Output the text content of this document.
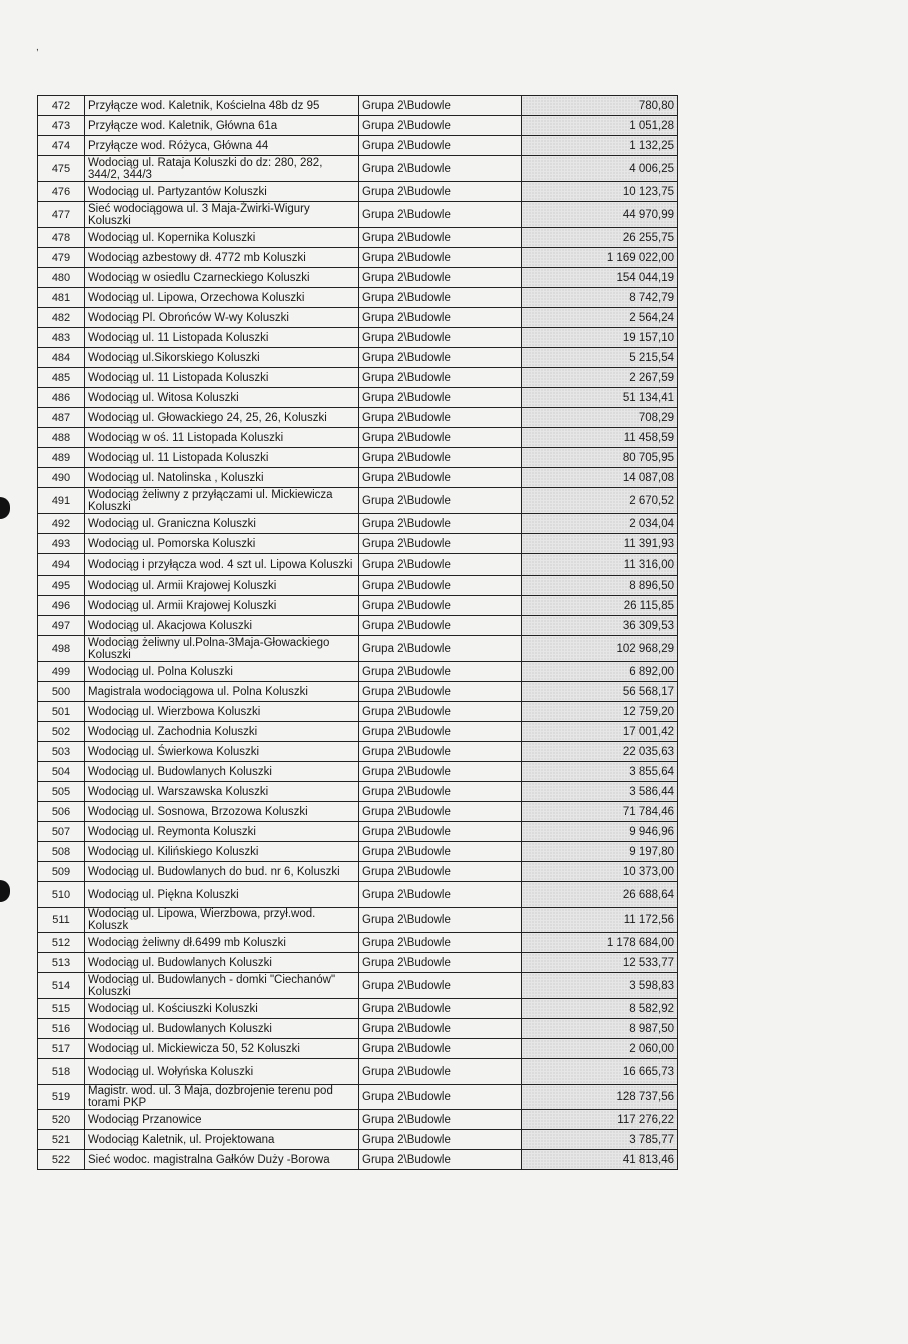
,
472	Przyłącze wod. Kaletnik, Kościelna 48b dz 95	Grupa 2\Budowle	780,80
473	Przyłącze wod. Kaletnik, Główna 61a	Grupa 2\Budowle	1 051,28
474	Przyłącze wod. Różyca, Główna 44	Grupa 2\Budowle	1 132,25
475	Wodociąg ul. Rataja Koluszki do dz: 280, 282, 344/2, 344/3	Grupa 2\Budowle	4 006,25
476	Wodociąg ul. Partyzantów Koluszki	Grupa 2\Budowle	10 123,75
477	Sieć wodociągowa ul. 3 Maja-Żwirki-Wigury Koluszki	Grupa 2\Budowle	44 970,99
478	Wodociąg ul. Kopernika Koluszki	Grupa 2\Budowle	26 255,75
479	Wodociąg azbestowy dł. 4772 mb Koluszki	Grupa 2\Budowle	1 169 022,00
480	Wodociąg w osiedlu Czarneckiego Koluszki	Grupa 2\Budowle	154 044,19
481	Wodociąg ul. Lipowa, Orzechowa Koluszki	Grupa 2\Budowle	8 742,79
482	Wodociąg Pl. Obrońców W-wy Koluszki	Grupa 2\Budowle	2 564,24
483	Wodociąg ul. 11 Listopada Koluszki	Grupa 2\Budowle	19 157,10
484	Wodociąg ul.Sikorskiego Koluszki	Grupa 2\Budowle	5 215,54
485	Wodociąg ul. 11 Listopada Koluszki	Grupa 2\Budowle	2 267,59
486	Wodociąg ul. Witosa Koluszki	Grupa 2\Budowle	51 134,41
487	Wodociąg ul. Głowackiego 24, 25, 26, Koluszki	Grupa 2\Budowle	708,29
488	Wodociąg w oś. 11 Listopada Koluszki	Grupa 2\Budowle	11 458,59
489	Wodociąg ul. 11 Listopada Koluszki	Grupa 2\Budowle	80 705,95
490	Wodociąg ul. Natolinska , Koluszki	Grupa 2\Budowle	14 087,08
491	Wodociąg żeliwny z przyłączami ul. Mickiewicza Koluszki	Grupa 2\Budowle	2 670,52
492	Wodociąg ul. Graniczna Koluszki	Grupa 2\Budowle	2 034,04
493	Wodociąg ul. Pomorska Koluszki	Grupa 2\Budowle	11 391,93
494	Wodociąg i przyłącza wod. 4 szt ul. Lipowa Koluszki	Grupa 2\Budowle	11 316,00
495	Wodociąg ul. Armii Krajowej Koluszki	Grupa 2\Budowle	8 896,50
496	Wodociąg ul. Armii Krajowej Koluszki	Grupa 2\Budowle	26 115,85
497	Wodociąg ul. Akacjowa Koluszki	Grupa 2\Budowle	36 309,53
498	Wodociąg żeliwny ul.Polna-3Maja-Głowackiego Koluszki	Grupa 2\Budowle	102 968,29
499	Wodociąg ul. Polna Koluszki	Grupa 2\Budowle	6 892,00
500	Magistrala wodociągowa ul. Polna Koluszki	Grupa 2\Budowle	56 568,17
501	Wodociąg ul. Wierzbowa Koluszki	Grupa 2\Budowle	12 759,20
502	Wodociąg ul. Zachodnia Koluszki	Grupa 2\Budowle	17 001,42
503	Wodociąg ul. Świerkowa Koluszki	Grupa 2\Budowle	22 035,63
504	Wodociąg ul. Budowlanych Koluszki	Grupa 2\Budowle	3 855,64
505	Wodociąg ul. Warszawska Koluszki	Grupa 2\Budowle	3 586,44
506	Wodociąg ul. Sosnowa, Brzozowa Koluszki	Grupa 2\Budowle	71 784,46
507	Wodociąg ul. Reymonta Koluszki	Grupa 2\Budowle	9 946,96
508	Wodociąg ul. Kilińskiego Koluszki	Grupa 2\Budowle	9 197,80
509	Wodociąg ul. Budowlanych do bud. nr 6, Koluszki	Grupa 2\Budowle	10 373,00
510	Wodociąg ul. Piękna Koluszki	Grupa 2\Budowle	26 688,64
511	Wodociąg ul. Lipowa, Wierzbowa, przył.wod. Koluszk	Grupa 2\Budowle	11 172,56
512	Wodociąg żeliwny dł.6499 mb Koluszki	Grupa 2\Budowle	1 178 684,00
513	Wodociąg ul. Budowlanych Koluszki	Grupa 2\Budowle	12 533,77
514	Wodociąg ul. Budowlanych - domki "Ciechanów" Koluszki	Grupa 2\Budowle	3 598,83
515	Wodociąg ul. Kościuszki Koluszki	Grupa 2\Budowle	8 582,92
516	Wodociąg ul. Budowlanych Koluszki	Grupa 2\Budowle	8 987,50
517	Wodociąg ul. Mickiewicza 50, 52 Koluszki	Grupa 2\Budowle	2 060,00
518	Wodociąg ul. Wołyńska Koluszki	Grupa 2\Budowle	16 665,73
519	Magistr. wod. ul. 3 Maja, dozbrojenie terenu pod torami PKP	Grupa 2\Budowle	128 737,56
520	Wodociąg Przanowice	Grupa 2\Budowle	117 276,22
521	Wodociąg Kaletnik, ul. Projektowana	Grupa 2\Budowle	3 785,77
522	Sieć wodoc. magistralna Gałków Duży -Borowa	Grupa 2\Budowle	41 813,46
